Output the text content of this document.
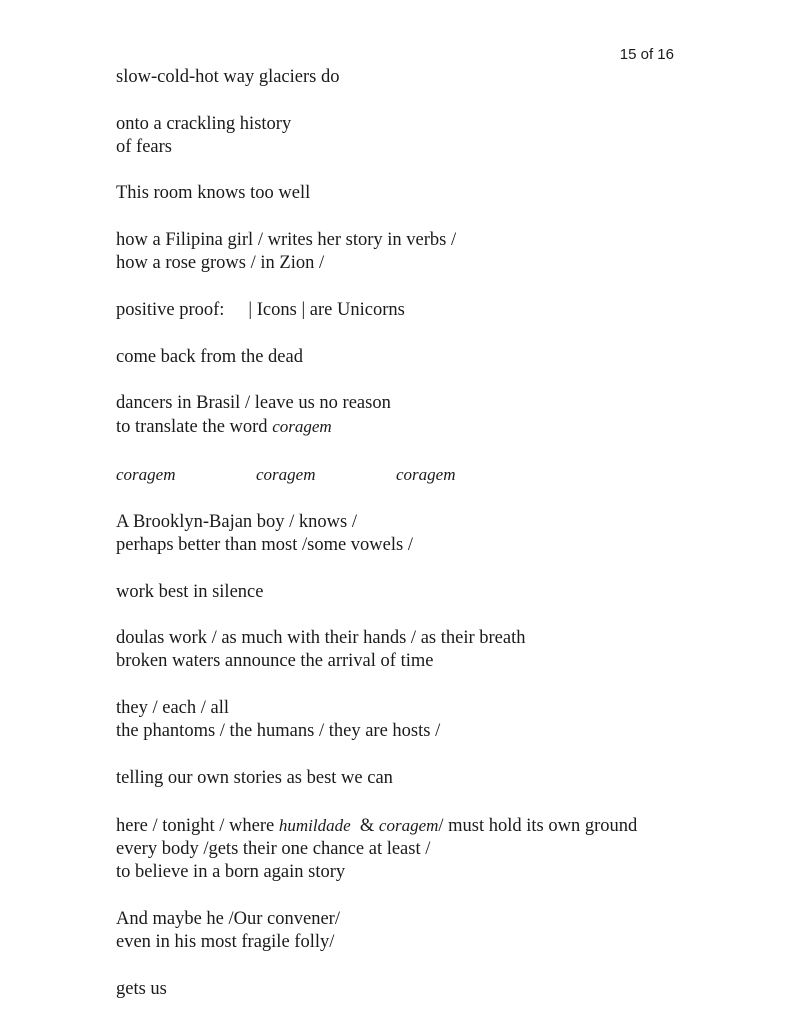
15 of 16
slow-cold-hot way glaciers do
onto a crackling history
of fears
This room knows too well
how a Filipina girl / writes her story in verbs /
how a rose grows / in Zion /
positive proof: | Icons | are Unicorns
come back from the dead
dancers in Brasil / leave us no reason
to translate the word coragem
coragem	coragem	coragem
A Brooklyn-Bajan boy / knows /
perhaps better than most /some vowels /
work best in silence
doulas work / as much with their hands / as their breath
broken waters announce the arrival of time
they / each / all
the phantoms / the humans / they are hosts /
telling our own stories as best we can
here / tonight / where humildade  & coragem/ must hold its own ground
every body /gets their one chance at least /
to believe in a born again story
And maybe he /Our convener/
even in his most fragile folly/
gets us
